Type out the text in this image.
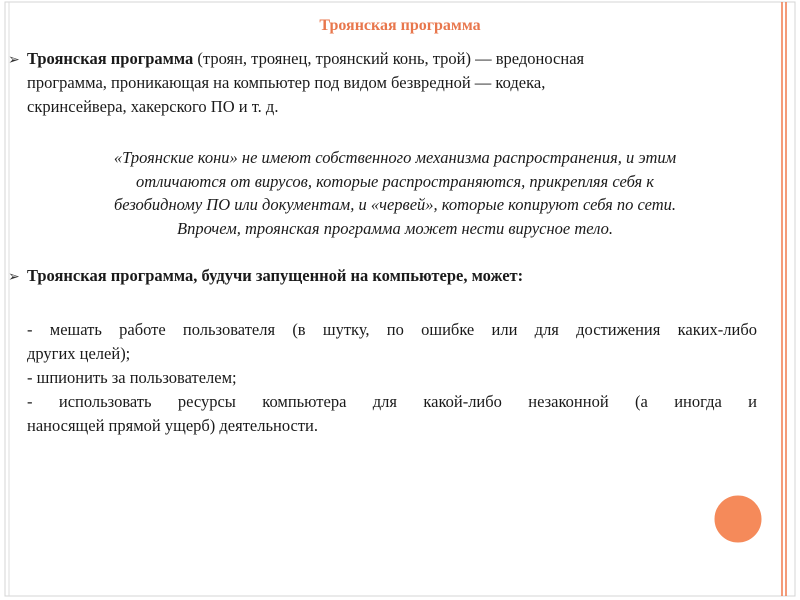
Троянская программа
➢ Троянская программа (троян, троянец, троянский конь, трой) — вредоносная
программа, проникающая на компьютер под видом безвредной — кодека,
скринсейвера, хакерского ПО и т. д.
«Троянские кони» не имеют собственного механизма распространения, и этим
отличаются от вирусов, которые распространяются, прикрепляя себя к
безобидному ПО или документам, и «червей», которые копируют себя по сети.
Впрочем, троянская программа может нести вирусное тело.
➢ Троянская программа, будучи запущенной на компьютере, может:
- мешать работе пользователя (в шутку, по ошибке или для достижения каких-либо
других целей);
- шпионить за пользователем;
- использовать ресурсы компьютера для какой-либо незаконной (а иногда и
наносящей прямой ущерб) деятельности.
